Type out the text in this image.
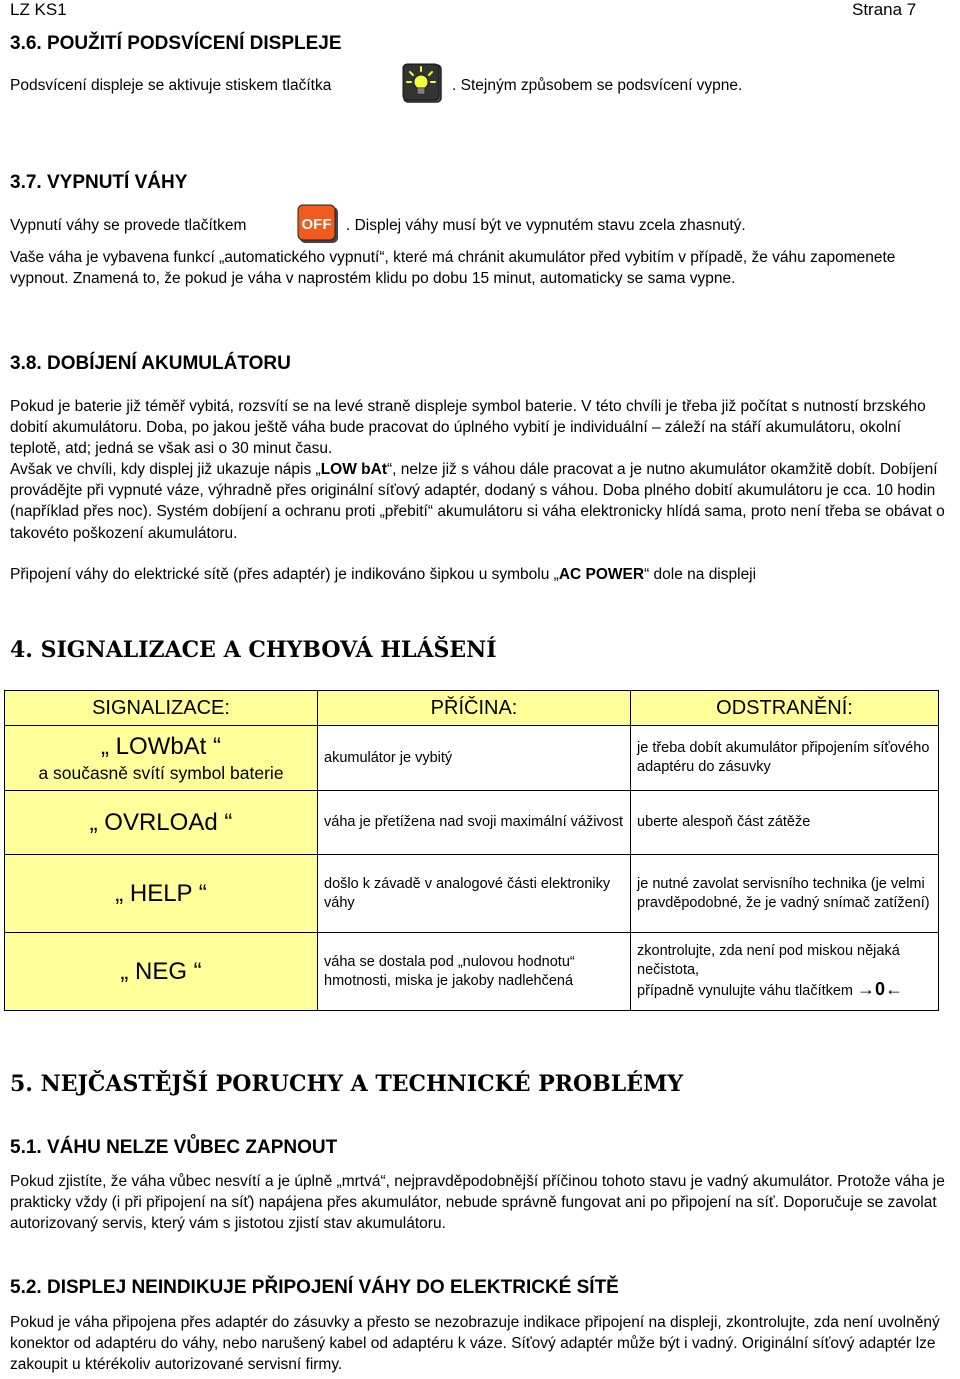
LZ KS1	Strana 7
3.6. POUŽITÍ PODSVÍCENÍ DISPLEJE
Podsvícení displeje se aktivuje stiskem tlačítka	. Stejným způsobem se podsvícení vypne.
3.7. VYPNUTÍ VÁHY
Vypnutí váhy se provede tlačítkem	OFF . Displej váhy musí být ve vypnutém stavu zcela zhasnutý.
Vaše váha je vybavena funkcí „automatického vypnutí“, které má chránit akumulátor před vybitím v případě, že váhu zapomenete vypnout. Znamená to, že pokud je váha v naprostém klidu po dobu 15 minut, automaticky se sama vypne.
3.8. DOBÍJENÍ AKUMULÁTORU
Pokud je baterie již téměř vybitá, rozsvítí se na levé straně displeje symbol baterie. V této chvíli je třeba již počítat s nutností brzského dobití akumulátoru. Doba, po jakou ještě váha bude pracovat do úplného vybití je individuální – záleží na stáří akumulátoru, okolní teplotě, atd; jedná se však asi o 30 minut času.
Avšak ve chvíli, kdy displej již ukazuje nápis „LOW bAt“, nelze již s váhou dále pracovat a je nutno akumulátor okamžitě dobít. Dobíjení provádějte při vypnuté váze, výhradně přes originální síťový adaptér, dodaný s váhou. Doba plného dobití akumulátoru je cca. 10 hodin (například přes noc). Systém dobíjení a ochranu proti „přebití“ akumulátoru si váha elektronicky hlídá sama, proto není třeba se obávat o takovéto poškození akumulátoru.
Připojení váhy do elektrické sítě (přes adaptér) je indikováno šipkou u symbolu „AC POWER“ dole na displeji
4. SIGNALIZACE A CHYBOVÁ HLÁŠENÍ
SIGNALIZACE:	PŘÍČINA:	ODSTRANĚNÍ:
„ LOWbAt “
a současně svítí symbol baterie	akumulátor je vybitý	je třeba dobít akumulátor připojením síťového adaptéru do zásuvky
„ OVRLOAd “	váha je přetížena nad svoji maximální váživost	uberte alespoň část zátěže
„ HELP “	došlo k závadě v analogové části elektroniky váhy	je nutné zavolat servisního technika (je velmi pravděpodobné, že je vadný snímač zatížení)
„ NEG “	váha se dostala pod „nulovou hodnotu“ hmotnosti, miska je jakoby nadlehčená	zkontrolujte, zda není pod miskou nějaká nečistota,
případně vynulujte váhu tlačítkem →0←
5. NEJČASTĚJŠÍ PORUCHY A TECHNICKÉ PROBLÉMY
5.1. VÁHU NELZE VŮBEC ZAPNOUT
Pokud zjistíte, že váha vůbec nesvítí a je úplně „mrtvá“, nejpravděpodobnější příčinou tohoto stavu je vadný akumulátor. Protože váha je prakticky vždy (i při připojení na síť) napájena přes akumulátor, nebude správně fungovat ani po připojení na síť. Doporučuje se zavolat autorizovaný servis, který vám s jistotou zjistí stav akumulátoru.
5.2. DISPLEJ NEINDIKUJE PŘIPOJENÍ VÁHY DO ELEKTRICKÉ SÍTĚ
Pokud je váha připojena přes adaptér do zásuvky a přesto se nezobrazuje indikace připojení na displeji, zkontrolujte, zda není uvolněný konektor od adaptéru do váhy, nebo narušený kabel od adaptéru k váze. Síťový adaptér může být i vadný. Originální síťový adaptér lze zakoupit u ktérékoliv autorizované servisní firmy.
